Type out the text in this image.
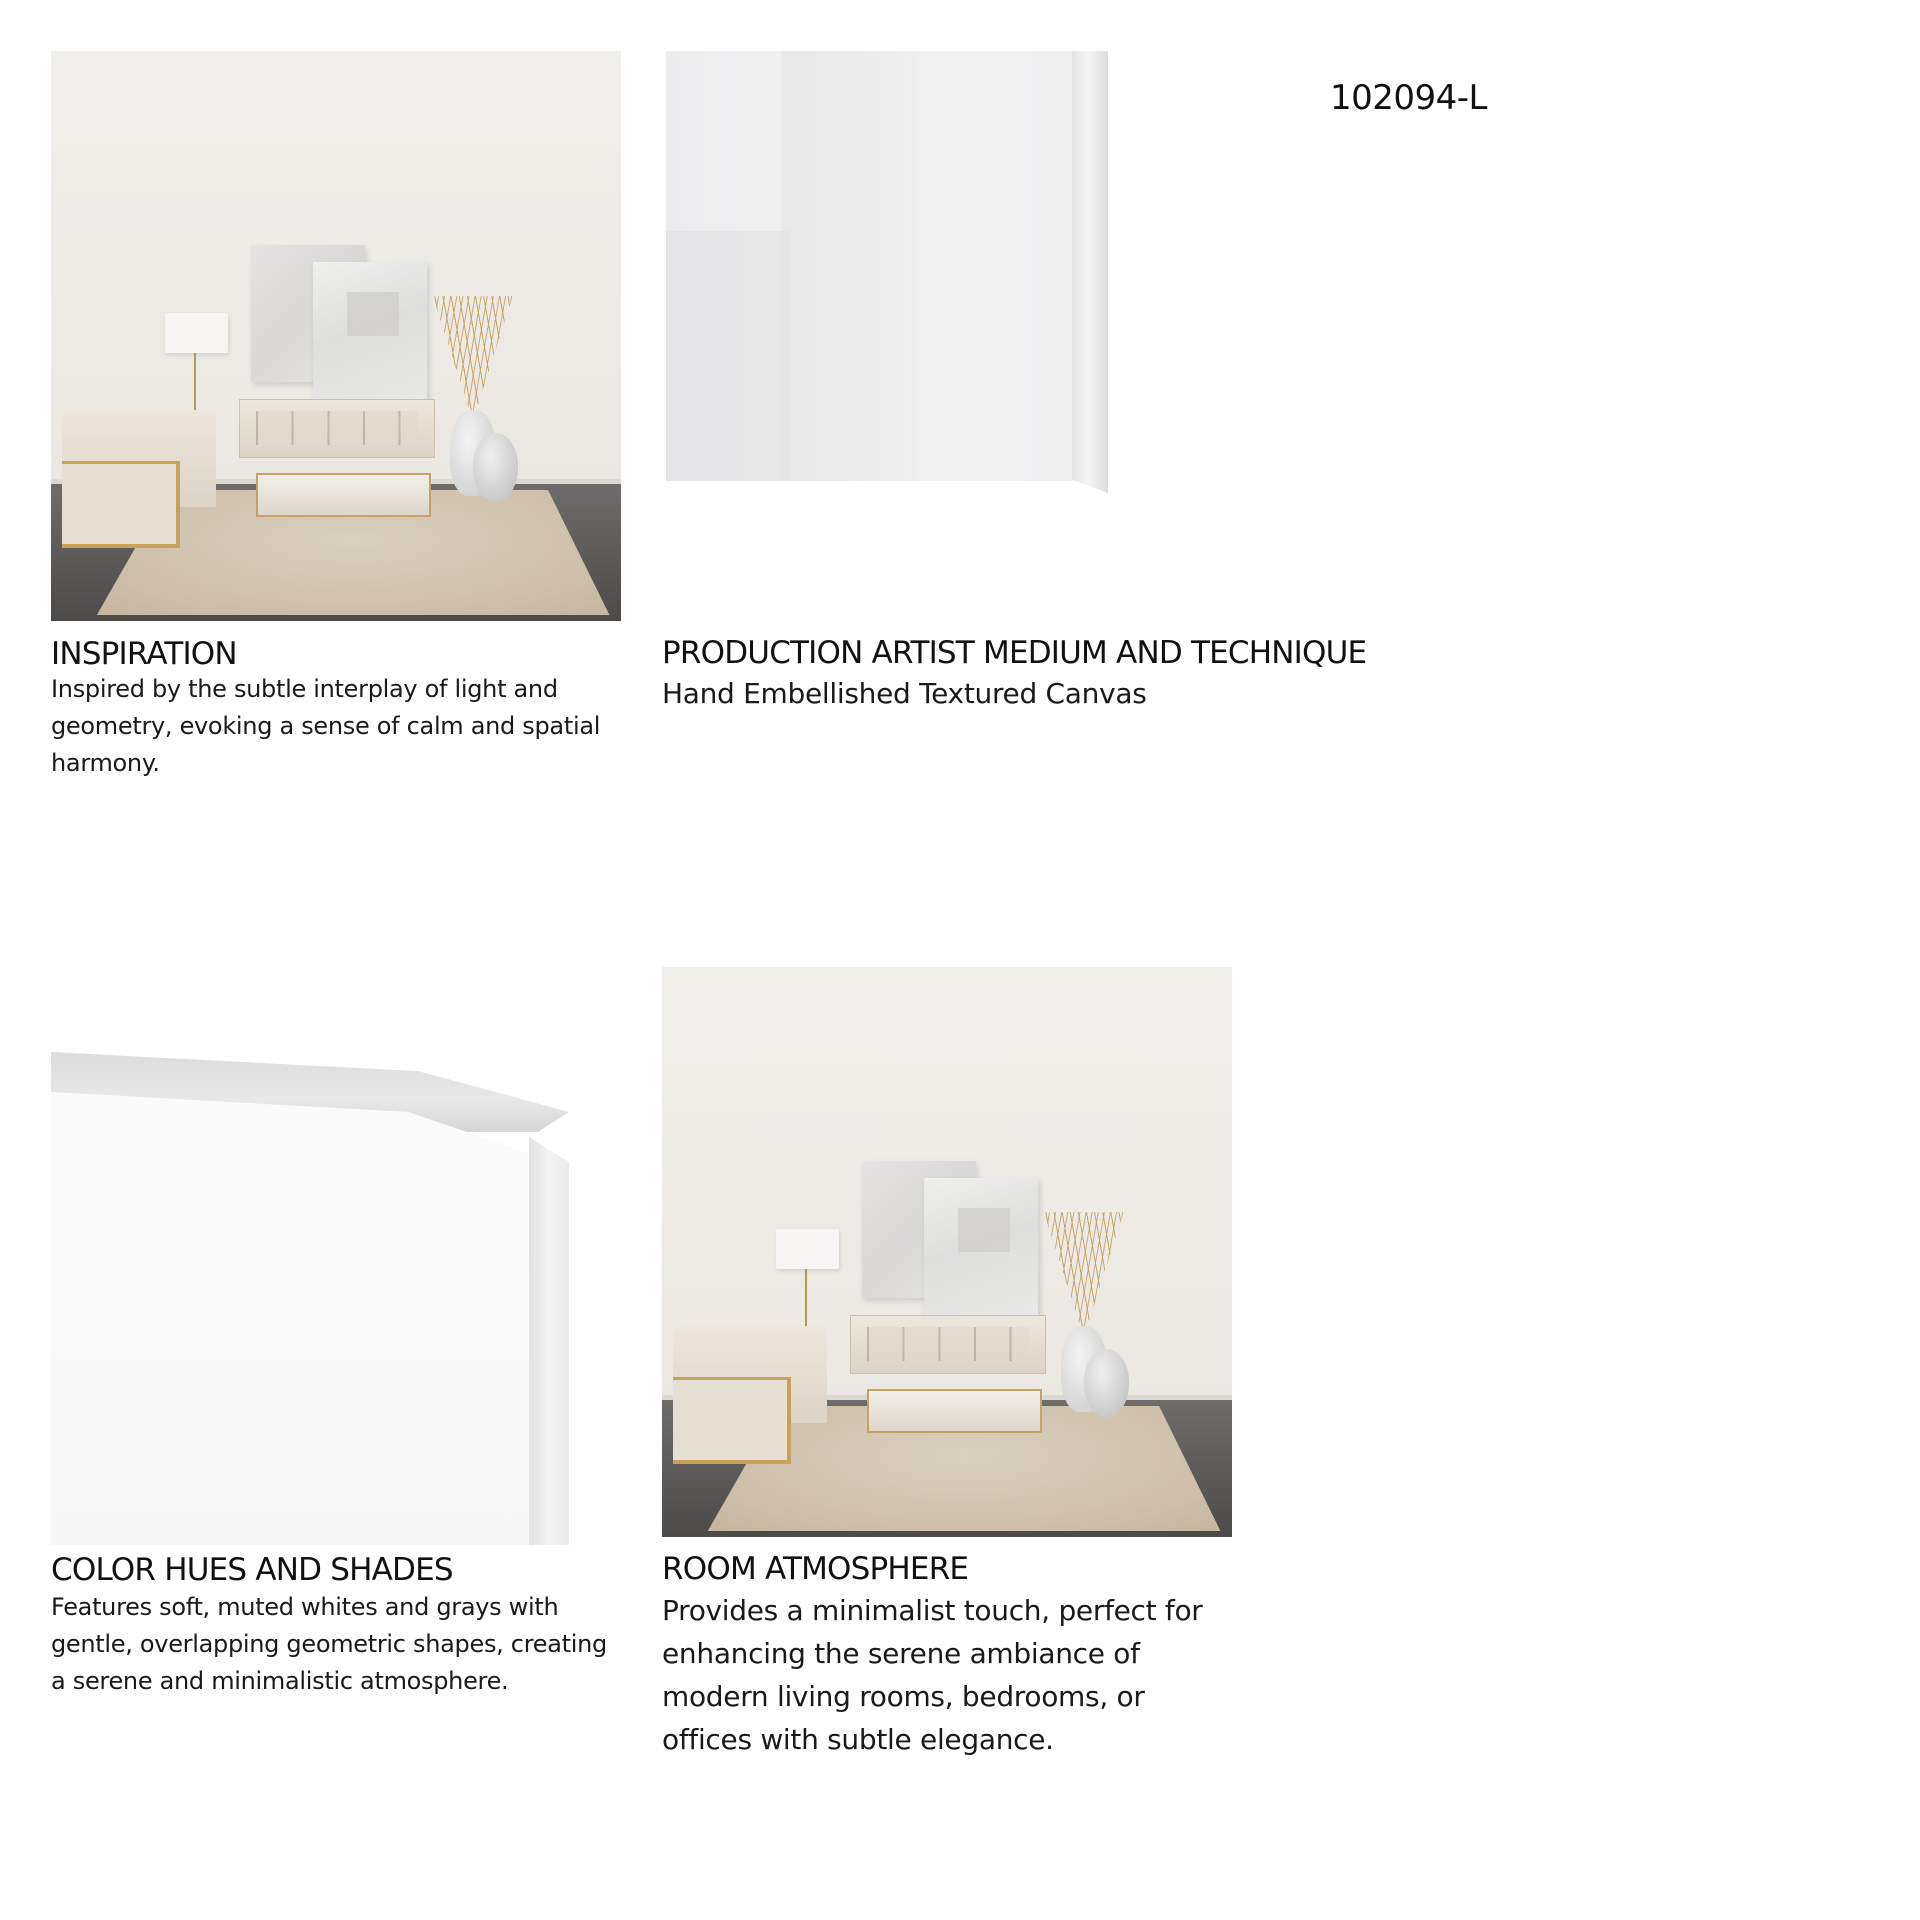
102094-L
INSPIRATION
Inspired by the subtle interplay of light and geometry, evoking a sense of calm and spatial harmony.
PRODUCTION ARTIST MEDIUM AND TECHNIQUE
Hand Embellished Textured Canvas
COLOR HUES AND SHADES
Features soft, muted whites and grays with gentle, overlapping geometric shapes, creating a serene and minimalistic atmosphere.
ROOM ATMOSPHERE
Provides a minimalist touch, perfect for enhancing the serene ambiance of modern living rooms, bedrooms, or offices with subtle elegance.
